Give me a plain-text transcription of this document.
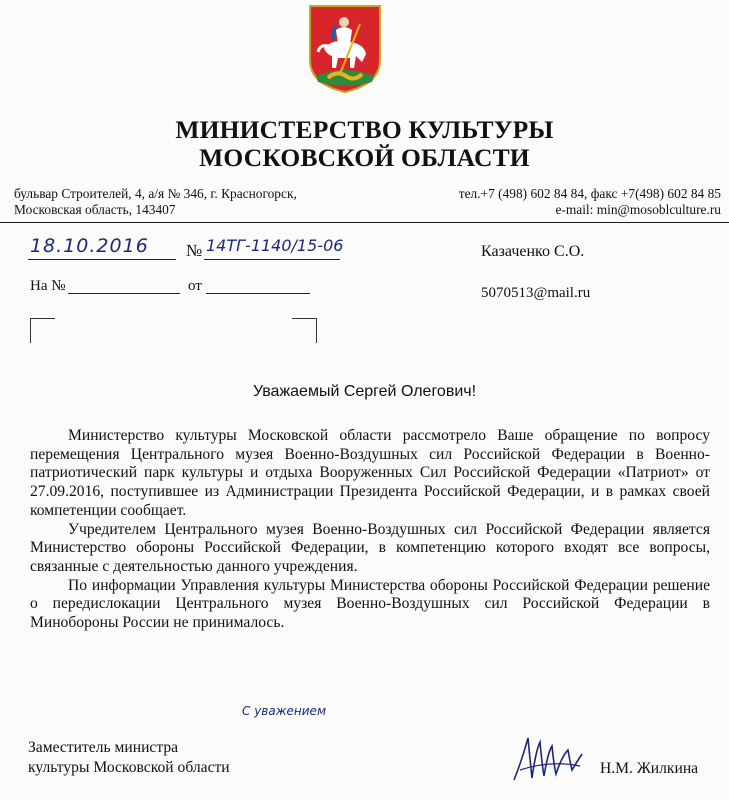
МИНИСТЕРСТВО КУЛЬТУРЫ
МОСКОВСКОЙ ОБЛАСТИ
бульвар Строителей, 4, а/я № 346, г. Красногорск,
Московская область, 143407
тел.+7 (498) 602 84 84, факс +7(498) 602 84 85
e-mail: min@mosoblculture.ru
18.10.2016 № 14ТГ-1140/15-06
На №	от
Казаченко С.О.
5070513@mail.ru
Уважаемый Сергей Олегович!

Министерство культуры Московской области рассмотрело Ваше обращение по вопросу перемещения Центрального музея Военно-Воздушных сил Российской Федерации в Военно-патриотический парк культуры и отдыха Вооруженных Сил Российской Федерации «Патриот» от 27.09.2016, поступившее из Администрации Президента Российской Федерации, и в рамках своей компетенции сообщает.

Учредителем Центрального музея Военно-Воздушных сил Российской Федерации является Министерство обороны Российской Федерации, в компетенцию которого входят все вопросы, связанные с деятельностью данного учреждения.

По информации Управления культуры Министерства обороны Российской Федерации решение о передислокации Центрального музея Военно-Воздушных сил Российской Федерации в Минобороны России не принималось.

С уважением
Заместитель министра
культуры Московской области	Н.М. Жилкина
